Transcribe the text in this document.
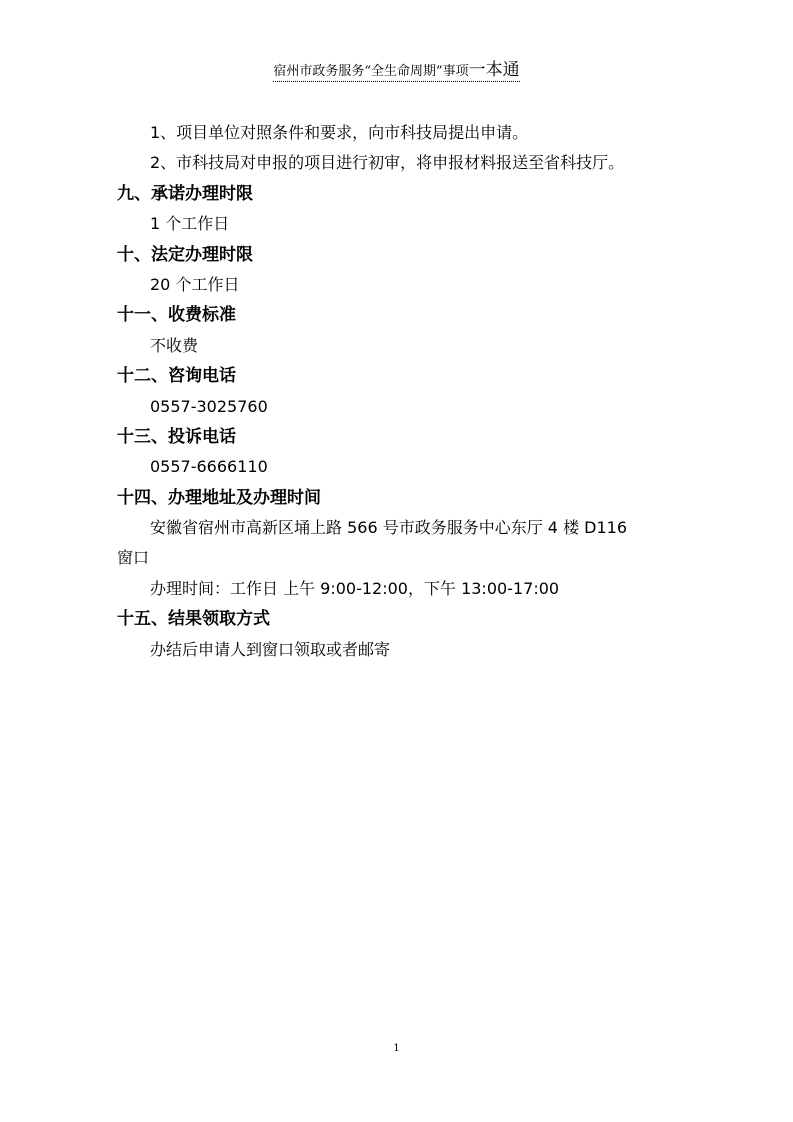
宿州市政务服务“全生命周期”事项一本通
1、项目单位对照条件和要求，向市科技局提出申请。
2、市科技局对申报的项目进行初审，将申报材料报送至省科技厅。
九、承诺办理时限
1 个工作日
十、法定办理时限
20 个工作日
十一、收费标准
不收费
十二、咨询电话
0557-3025760
十三、投诉电话
0557-6666110
十四、办理地址及办理时间
安徽省宿州市高新区埇上路 566 号市政务服务中心东厅 4 楼 D116
窗口
办理时间：工作日 上午 9:00-12:00，下午 13:00-17:00
十五、结果领取方式
办结后申请人到窗口领取或者邮寄
1
